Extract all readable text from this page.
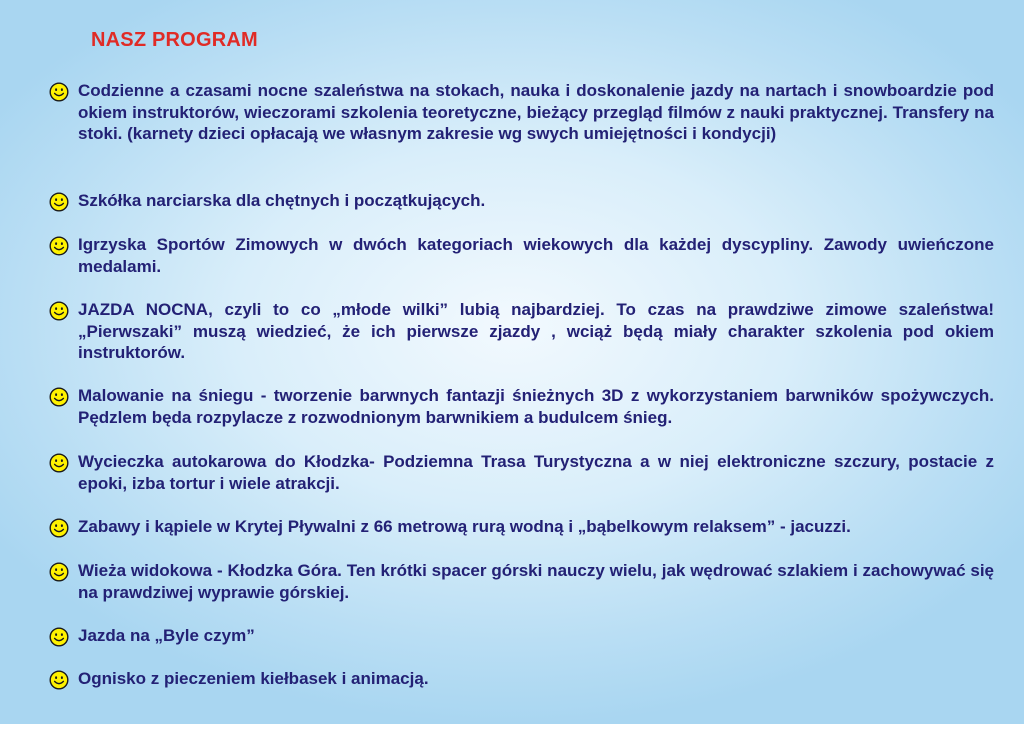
NASZ PROGRAM
Codzienne a czasami nocne szaleństwa na stokach, nauka i doskonalenie jazdy na nartach i snowboardzie pod okiem instruktorów, wieczorami szkolenia teoretyczne, bieżący przegląd filmów z nauki praktycznej. Transfery na stoki. (karnety dzieci opłacają we własnym zakresie wg swych umiejętności i kondycji)
Szkółka narciarska dla chętnych i początkujących.
Igrzyska Sportów Zimowych w dwóch kategoriach wiekowych dla każdej dyscypliny. Zawody uwieńczone medalami.
JAZDA NOCNA, czyli to co „młode wilki” lubią najbardziej. To czas na prawdziwe zimowe szaleństwa! „Pierwszaki” muszą wiedzieć, że ich pierwsze zjazdy , wciąż będą miały charakter szkolenia pod okiem instruktorów.
Malowanie na śniegu - tworzenie barwnych fantazji śnieżnych 3D z wykorzystaniem barwników spożywczych. Pędzlem będa rozpylacze z rozwodnionym barwnikiem a budulcem śnieg.
Wycieczka autokarowa do Kłodzka- Podziemna Trasa Turystyczna a w niej elektroniczne szczury, postacie z epoki, izba tortur i wiele atrakcji.
Zabawy i kąpiele w Krytej Pływalni z 66 metrową rurą wodną i „bąbelkowym relaksem” - jacuzzi.
Wieża widokowa - Kłodzka Góra. Ten krótki spacer górski nauczy wielu, jak wędrować szlakiem i zachowywać się na prawdziwej wyprawie górskiej.
Jazda na „Byle czym”
Ognisko z pieczeniem kiełbasek i animacją.
